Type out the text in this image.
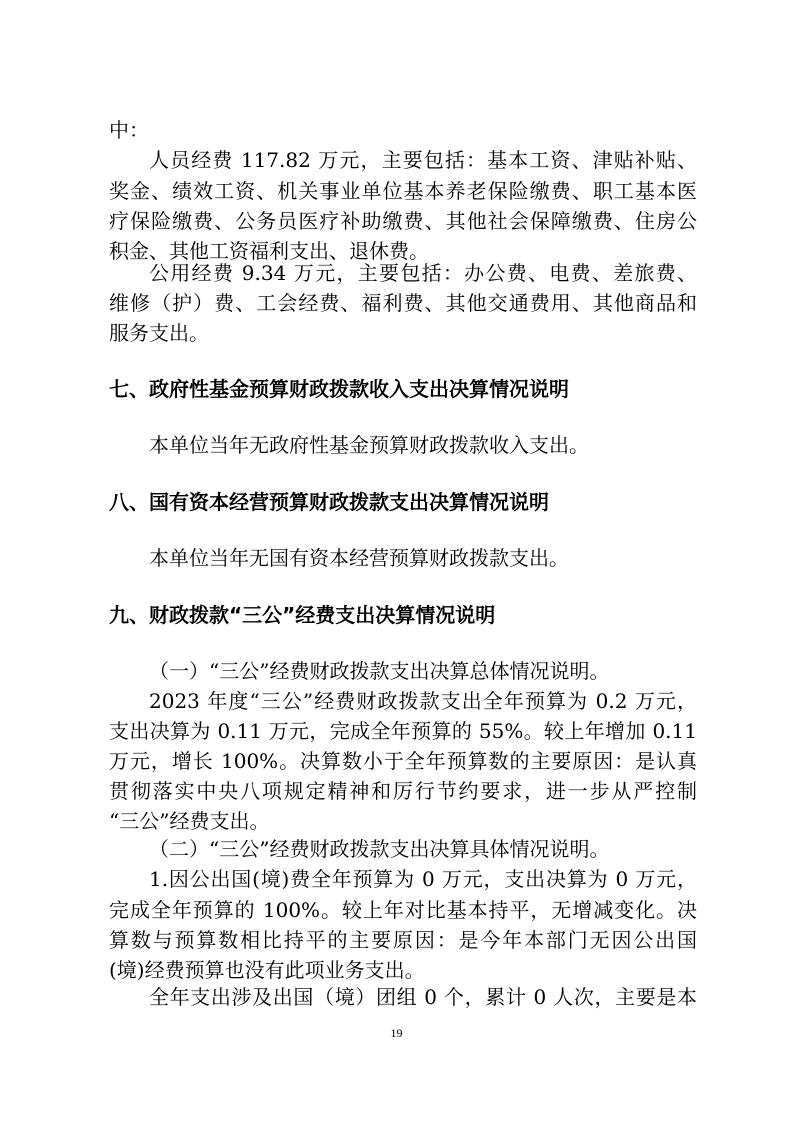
中：
人员经费 117.82 万元，主要包括：基本工资、津贴补贴、
奖金、绩效工资、机关事业单位基本养老保险缴费、职工基本医
疗保险缴费、公务员医疗补助缴费、其他社会保障缴费、住房公
积金、其他工资福利支出、退休费。
公用经费 9.34 万元，主要包括：办公费、电费、差旅费、
维修（护）费、工会经费、福利费、其他交通费用、其他商品和
服务支出。
七、政府性基金预算财政拨款收入支出决算情况说明
本单位当年无政府性基金预算财政拨款收入支出。
八、国有资本经营预算财政拨款支出决算情况说明
本单位当年无国有资本经营预算财政拨款支出。
九、财政拨款“三公”经费支出决算情况说明
（一）“三公”经费财政拨款支出决算总体情况说明。
2023 年度“三公”经费财政拨款支出全年预算为 0.2 万元，
支出决算为 0.11 万元，完成全年预算的 55%。较上年增加 0.11
万元，增长 100%。决算数小于全年预算数的主要原因：是认真
贯彻落实中央八项规定精神和厉行节约要求，进一步从严控制
“三公”经费支出。
（二）“三公”经费财政拨款支出决算具体情况说明。
1.因公出国(境)费全年预算为 0 万元，支出决算为 0 万元，
完成全年预算的 100%。较上年对比基本持平，无增减变化。决
算数与预算数相比持平的主要原因：是今年本部门无因公出国
(境)经费预算也没有此项业务支出。
全年支出涉及出国（境）团组 0 个，累计 0 人次，主要是本
19
